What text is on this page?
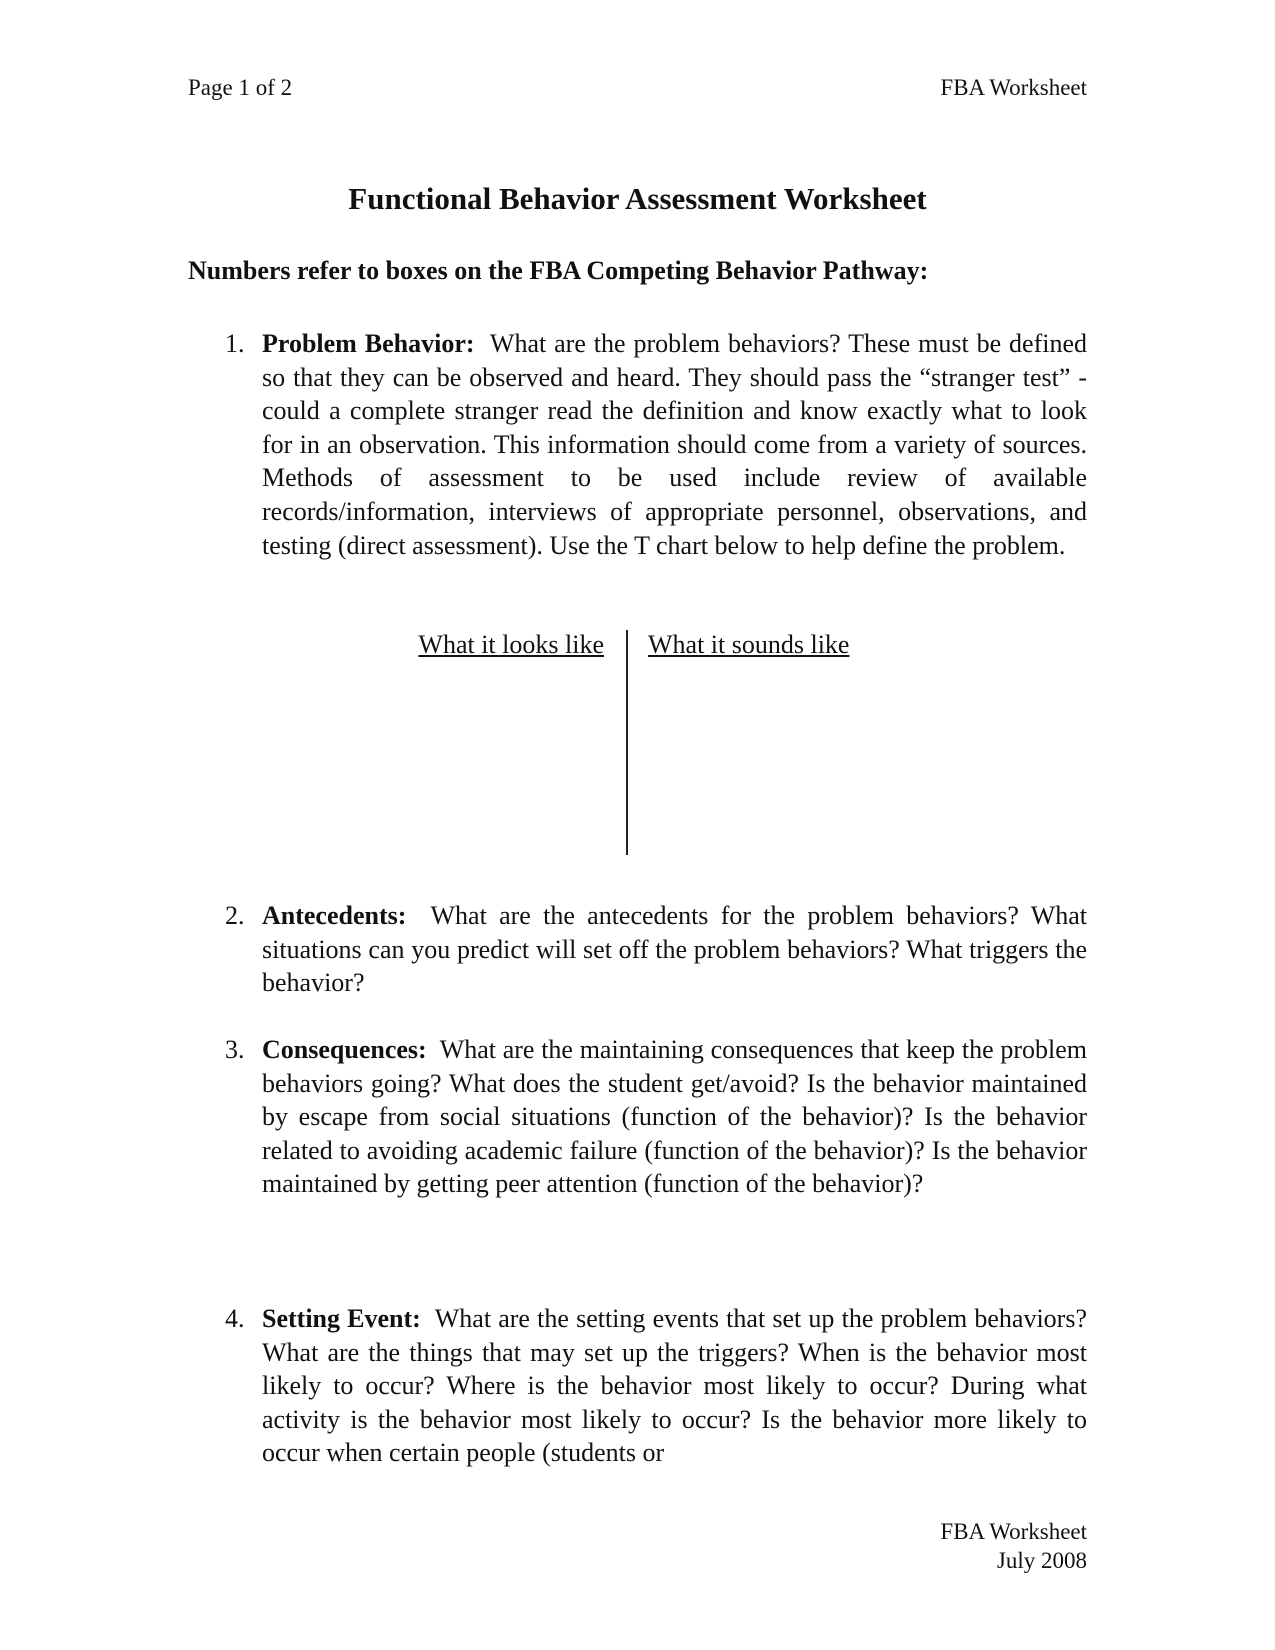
Page 1 of 2	FBA Worksheet
Functional Behavior Assessment Worksheet
Numbers refer to boxes on the FBA Competing Behavior Pathway:
1. Problem Behavior: What are the problem behaviors? These must be defined so that they can be observed and heard. They should pass the “stranger test” -could a complete stranger read the definition and know exactly what to look for in an observation. This information should come from a variety of sources. Methods of assessment to be used include review of available records/information, interviews of appropriate personnel, observations, and testing (direct assessment). Use the T chart below to help define the problem.
What it looks like What it sounds like
2. Antecedents: What are the antecedents for the problem behaviors? What situations can you predict will set off the problem behaviors? What triggers the behavior?
3. Consequences: What are the maintaining consequences that keep the problem behaviors going? What does the student get/avoid? Is the behavior maintained by escape from social situations (function of the behavior)? Is the behavior related to avoiding academic failure (function of the behavior)? Is the behavior maintained by getting peer attention (function of the behavior)?
4. Setting Event: What are the setting events that set up the problem behaviors? What are the things that may set up the triggers? When is the behavior most likely to occur? Where is the behavior most likely to occur? During what activity is the behavior most likely to occur? Is the behavior more likely to occur when certain people (students or
FBA Worksheet
July 2008
